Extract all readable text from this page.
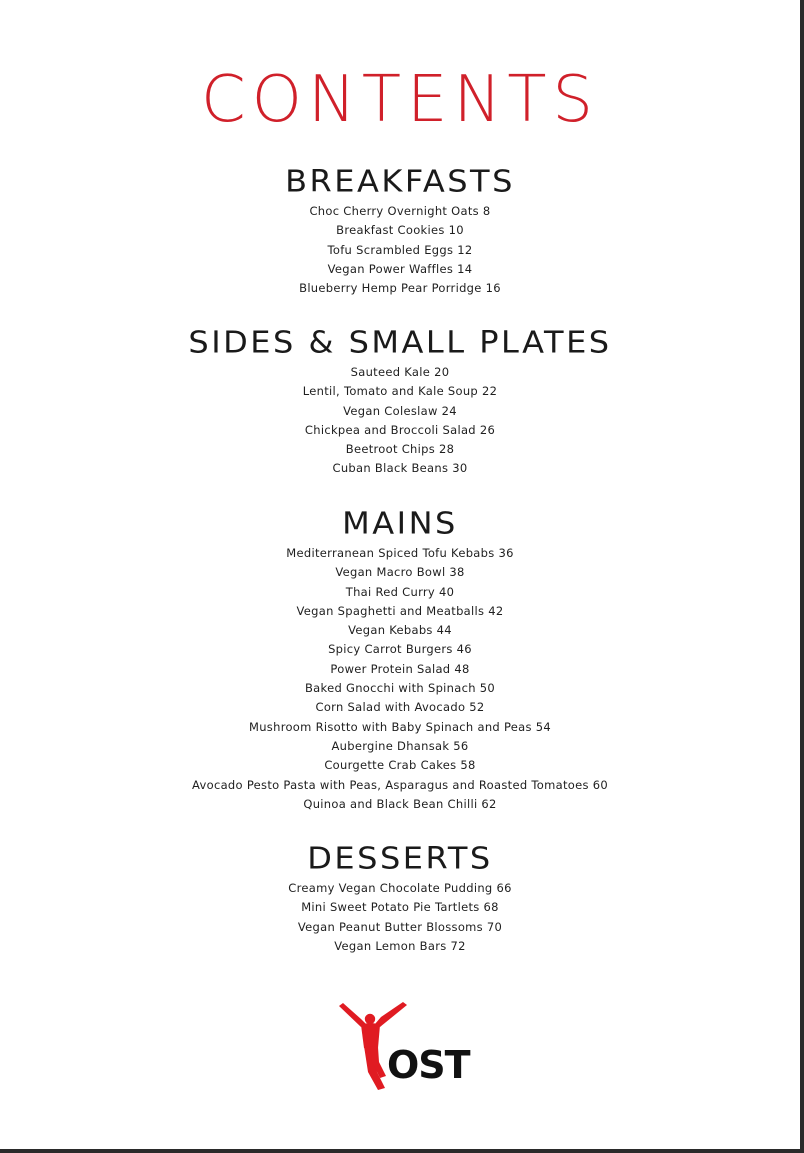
CONTENTS
BREAKFASTS
Choc Cherry Overnight Oats 8
Breakfast Cookies 10
Tofu Scrambled Eggs 12
Vegan Power Waffles 14
Blueberry Hemp Pear Porridge 16
SIDES & SMALL PLATES
Sauteed Kale 20
Lentil, Tomato and Kale Soup 22
Vegan Coleslaw 24
Chickpea and Broccoli Salad 26
Beetroot Chips 28
Cuban Black Beans 30
MAINS
Mediterranean Spiced Tofu Kebabs 36
Vegan Macro Bowl 38
Thai Red Curry 40
Vegan Spaghetti and Meatballs 42
Vegan Kebabs 44
Spicy Carrot Burgers 46
Power Protein Salad 48
Baked Gnocchi with Spinach 50
Corn Salad with Avocado 52
Mushroom Risotto with Baby Spinach and Peas 54
Aubergine Dhansak 56
Courgette Crab Cakes 58
Avocado Pesto Pasta with Peas, Asparagus and Roasted Tomatoes 60
Quinoa and Black Bean Chilli 62
DESSERTS
Creamy Vegan Chocolate Pudding 66
Mini Sweet Potato Pie Tartlets 68
Vegan Peanut Butter Blossoms 70
Vegan Lemon Bars 72
OST
